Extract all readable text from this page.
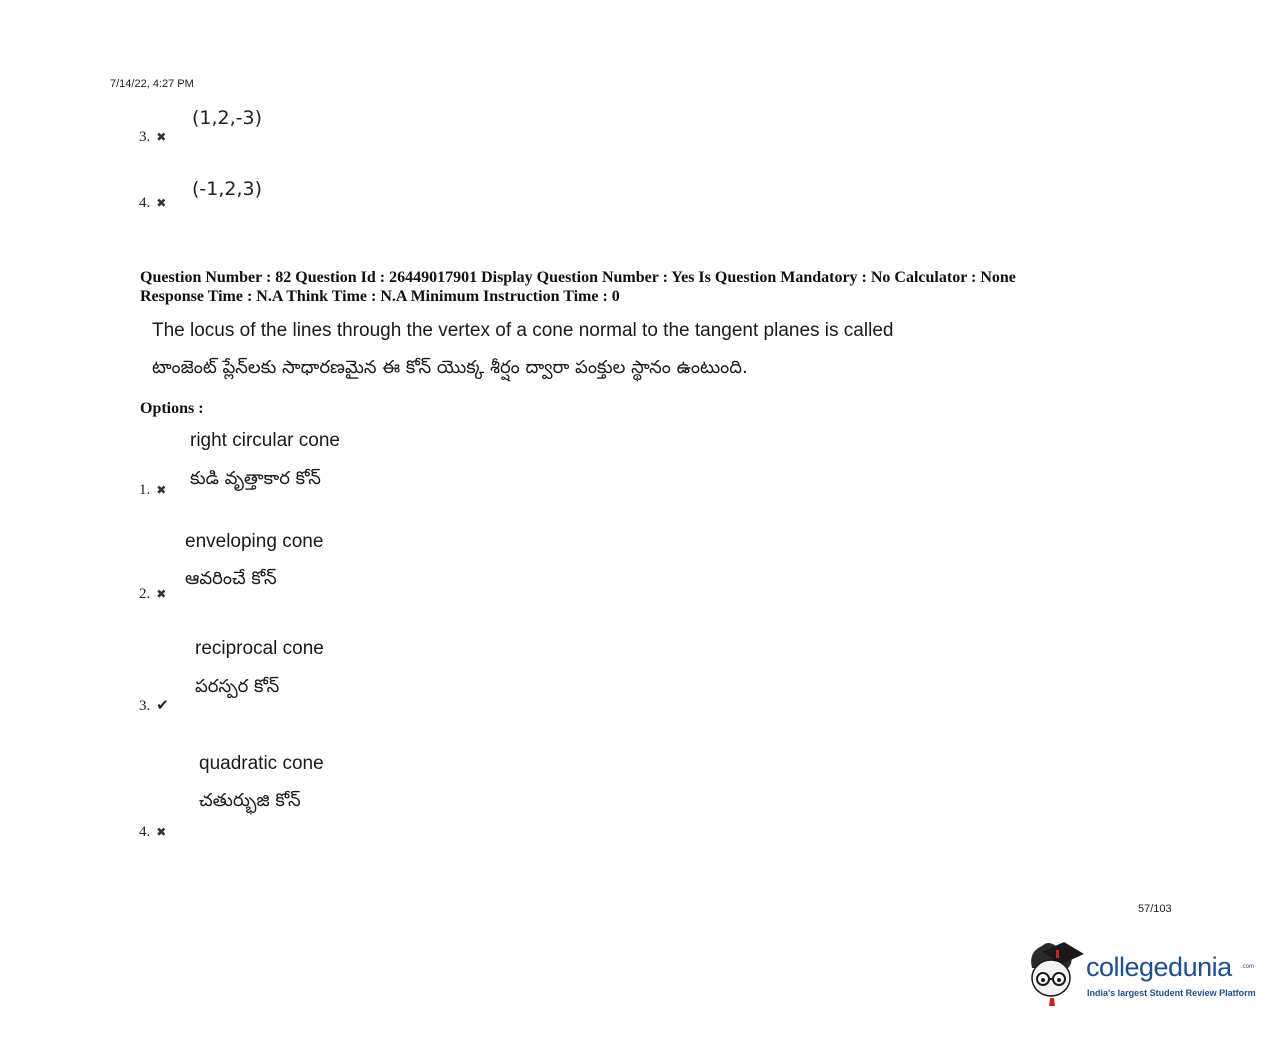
7/14/22, 4:27 PM
3. ✖
(1,2,-3)
4. ✖
(-1,2,3)
Question Number : 82 Question Id : 26449017901 Display Question Number : Yes Is Question Mandatory : No Calculator : None
Response Time : N.A Think Time : N.A Minimum Instruction Time : 0
The locus of the lines through the vertex of a cone normal to the tangent planes is called
టాంజెంట్ ప్లేన్‌లకు సాధారణమైన ఈ కోన్ యొక్క శీర్షం ద్వారా పంక్తుల స్థానం ఉంటుంది.
Options :
right circular cone
కుడి వృత్తాకార కోన్
1. ✖
enveloping cone
ఆవరించే కోన్
2. ✖
reciprocal cone
పరస్పర కోన్
3. ✔
quadratic cone
చతుర్భుజి కోన్
4. ✖
57/103
collegedunia .com
India's largest Student Review Platform
